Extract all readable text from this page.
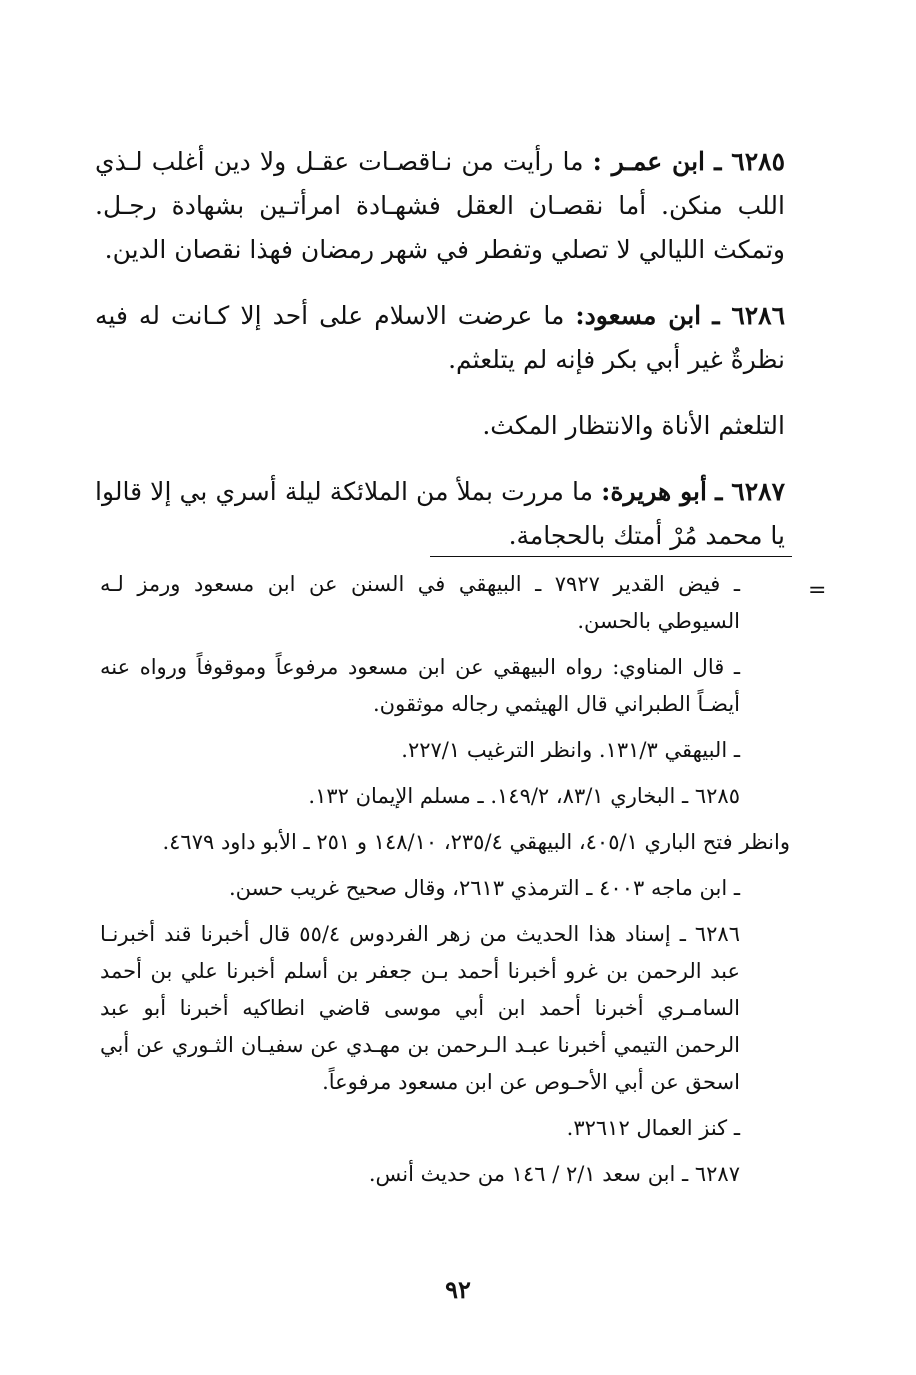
٦٢٨٥ ـ ابن عمـر : ما رأيت من نـاقصـات عقـل ولا دين أغلب لـذي اللب منكن. أما نقصـان العقل فشهـادة امرأتـين بشهادة رجـل. وتمكث الليالي لا تصلي وتفطر في شهر رمضان فهذا نقصان الدين.

٦٢٨٦ ـ ابن مسعود: ما عرضت الاسلام على أحد إلا كـانت له فيه نظرةٌ غير أبي بكر فإنه لم يتلعثم.

التلعثم الأناة والانتظار المكث.

٦٢٨٧ ـ أبو هريرة: ما مررت بملأ من الملائكة ليلة أسري بي إلا قالوا يا محمد مُرْ أمتك بالحجامة.

=

ـ فيض القدير ٧٩٢٧ ـ البيهقي في السنن عن ابن مسعود ورمز لـه السيوطي بالحسن.

ـ قال المناوي: رواه البيهقي عن ابن مسعود مرفوعاً وموقوفاً ورواه عنه أيضـاً الطبراني قال الهيثمي رجاله موثقون.

ـ البيهقي ١٣١/٣. وانظر الترغيب ٢٢٧/١.

٦٢٨٥ ـ البخاري ٨٣/١، ١٤٩/٢. ـ مسلم الإيمان ١٣٢.

وانظر فتح الباري ٤٠٥/١، البيهقي ٢٣٥/٤، ١٤٨/١٠ و ٢٥١ ـ الأبو داود ٤٦٧٩.

ـ ابن ماجه ٤٠٠٣ ـ الترمذي ٢٦١٣، وقال صحيح غريب حسن.

٦٢٨٦ ـ إسناد هذا الحديث من زهر الفردوس ٥٥/٤ قال أخبرنا قند أخبرنـا عبد الرحمن بن غرو أخبرنا أحمد بـن جعفر بن أسلم أخبرنا علي بن أحمد السامـري أخبرنا أحمد ابن أبي موسى قاضي انطاكيه أخبرنا أبو عبد الرحمن التيمي أخبرنا عبـد الـرحمن بن مهـدي عن سفيـان الثـوري عن أبي اسحق عن أبي الأحـوص عن ابن مسعود مرفوعاً.

ـ كنز العمال ٣٢٦١٢.

٦٢٨٧ ـ ابن سعد ٢/١ / ١٤٦ من حديث أنس.

٩٢
